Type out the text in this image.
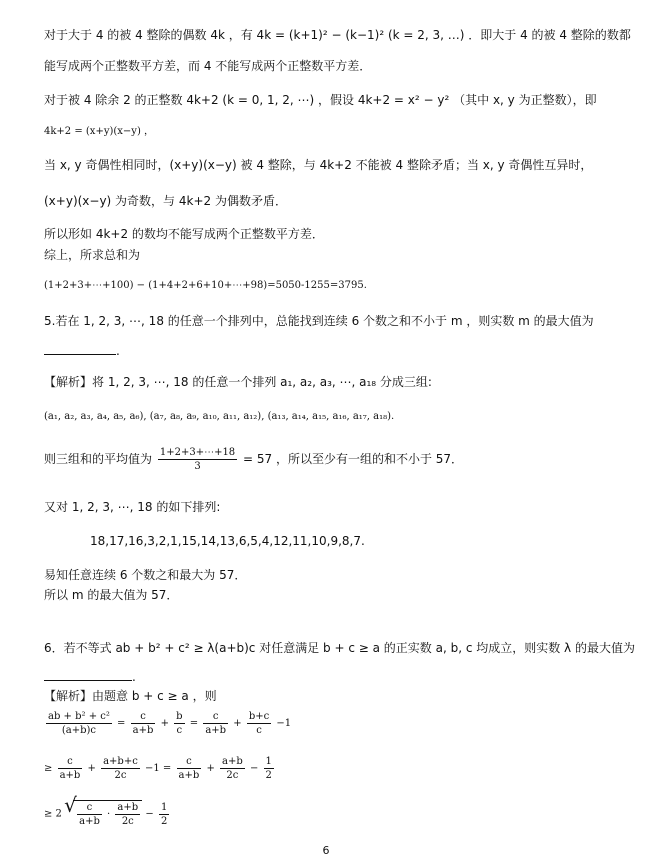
对于大于 4 的被 4 整除的偶数 4k ，有 4k = (k+1)² − (k−1)² (k = 2, 3, …) ．即大于 4 的被 4 整除的数都
能写成两个正整数平方差，而 4 不能写成两个正整数平方差．
对于被 4 除余 2 的正整数 4k+2 (k = 0, 1, 2, ⋯) ，假设 4k+2 = x² − y² （其中 x, y 为正整数），即
4k+2 = (x+y)(x−y) ，
当 x, y 奇偶性相同时，(x+y)(x−y) 被 4 整除，与 4k+2 不能被 4 整除矛盾；当 x, y 奇偶性互异时，
(x+y)(x−y) 为奇数，与 4k+2 为偶数矛盾．
所以形如 4k+2 的数均不能写成两个正整数平方差．
综上，所求总和为
(1+2+3+⋯+100) − (1+4+2+6+10+⋯+98)=5050-1255=3795.
5.若在 1, 2, 3, ⋯, 18 的任意一个排列中，总能找到连续 6 个数之和不小于 m ，则实数 m 的最大值为
.
【解析】将 1, 2, 3, ⋯, 18 的任意一个排列 a₁, a₂, a₃, ⋯, a₁₈ 分成三组:
(a₁, a₂, a₃, a₄, a₅, a₆), (a₇, a₈, a₉, a₁₀, a₁₁, a₁₂), (a₁₃, a₁₄, a₁₅, a₁₆, a₁₇, a₁₈).
则三组和的平均值为 $\frac{1+2+3+\cdots+18}{3} = 57$ ，所以至少有一组的和不小于 57．
又对 1, 2, 3, ⋯, 18 的如下排列:
18,17,16,3,2,1,15,14,13,6,5,4,12,11,10,9,8,7.
易知任意连续 6 个数之和最大为 57．
所以 m 的最大值为 57．
6．若不等式 ab + b² + c² ≥ λ(a+b)c 对任意满足 b + c ≥ a 的正实数 a, b, c 均成立，则实数 λ 的最大值为
.
【解析】由题意 b + c ≥ a ，则
$\frac{\text{ab + b² + c²}}{(a+b)c} = \frac{c}{a+b} + \frac{b}{c} = \frac{c}{a+b} + \frac{b+c}{c} -1$
≥ $\frac{c}{a+b} + \frac{a+b+c}{2c} -1 = \frac{c}{a+b} + \frac{a+b}{2c} - \frac{1}{2}$
≥ 2
√ $\frac{c}{a+b} \cdot \frac{a+b}{2c} - \frac{1}{2}$
6
